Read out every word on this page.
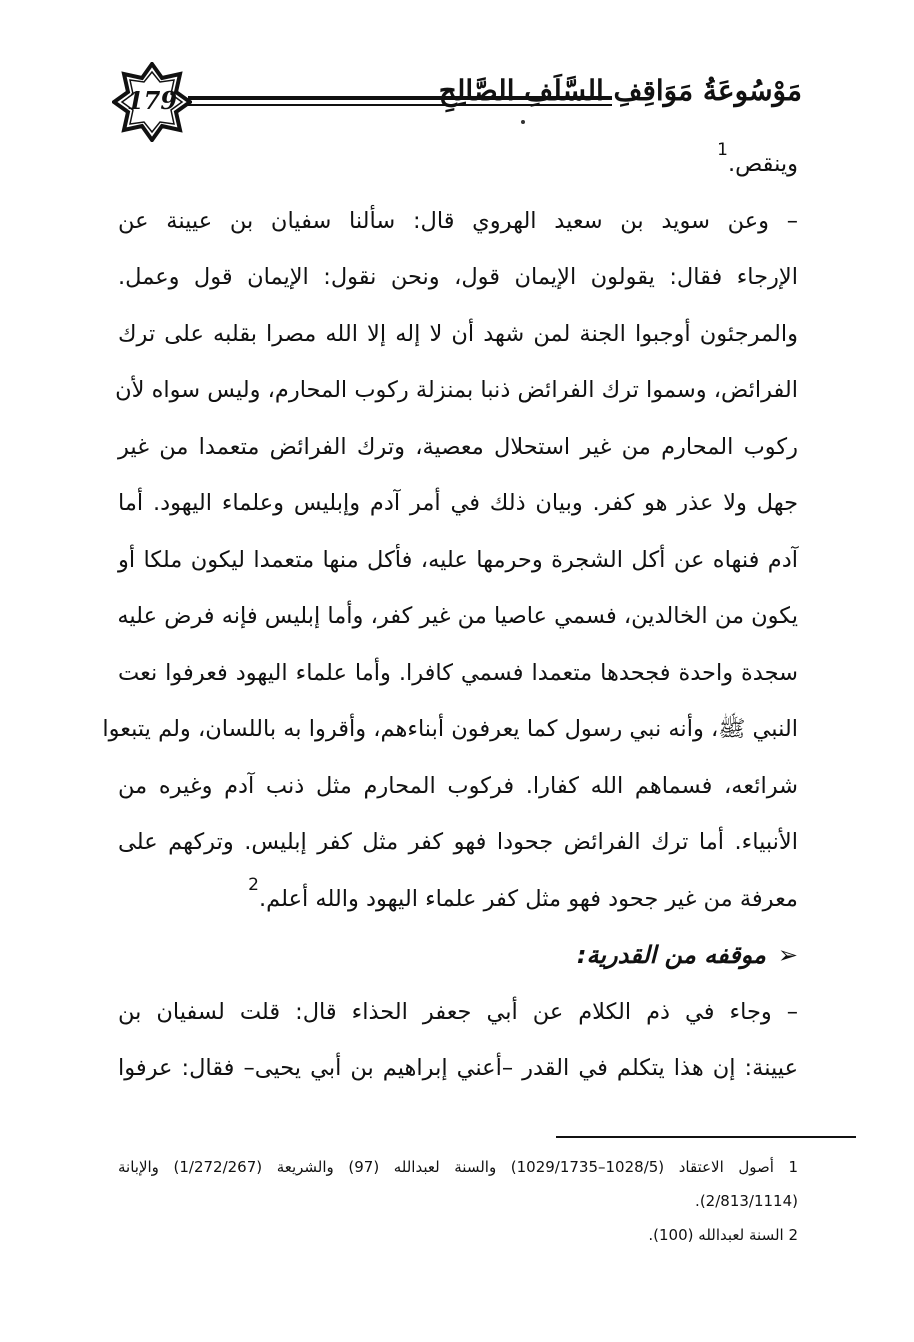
179	مَوْسُوعَةُ مَوَاقِفِ السَّلَفِ الصَّالِحِ
وينقص.$^1$
– وعن سويد بن سعيد الهروي قال: سألنا سفيان بن عيينة عن
الإرجاء فقال: يقولون الإيمان قول، ونحن نقول: الإيمان قول وعمل.
والمرجئون أوجبوا الجنة لمن شهد أن لا إله إلا الله مصرا بقلبه على ترك
الفرائض، وسموا ترك الفرائض ذنبا بمنزلة ركوب المحارم، وليس سواه لأن
ركوب المحارم من غير استحلال معصية، وترك الفرائض متعمدا من غير
جهل ولا عذر هو كفر. وبيان ذلك في أمر آدم وإبليس وعلماء اليهود. أما
آدم فنهاه عن أكل الشجرة وحرمها عليه، فأكل منها متعمدا ليكون ملكا أو
يكون من الخالدين، فسمي عاصيا من غير كفر، وأما إبليس فإنه فرض عليه
سجدة واحدة فجحدها متعمدا فسمي كافرا. وأما علماء اليهود فعرفوا نعت
النبي ﷺ، وأنه نبي رسول كما يعرفون أبناءهم، وأقروا به باللسان، ولم يتبعوا
شرائعه، فسماهم الله كفارا. فركوب المحارم مثل ذنب آدم وغيره من
الأنبياء. أما ترك الفرائض جحودا فهو كفر مثل كفر إبليس. وتركهم على
معرفة من غير جحود فهو مثل كفر علماء اليهود والله أعلم.$^2$
➢موقفه من القدرية:
– وجاء في ذم الكلام عن أبي جعفر الحذاء قال: قلت لسفيان بن
عيينة: إن هذا يتكلم في القدر –أعني إبراهيم بن أبي يحيى– فقال: عرفوا
1 أصول الاعتقاد (1028/5–1029/1735) والسنة لعبدالله (97) والشريعة (1/272/267) والإبانة
(2/813/1114).
2 السنة لعبدالله (100).
